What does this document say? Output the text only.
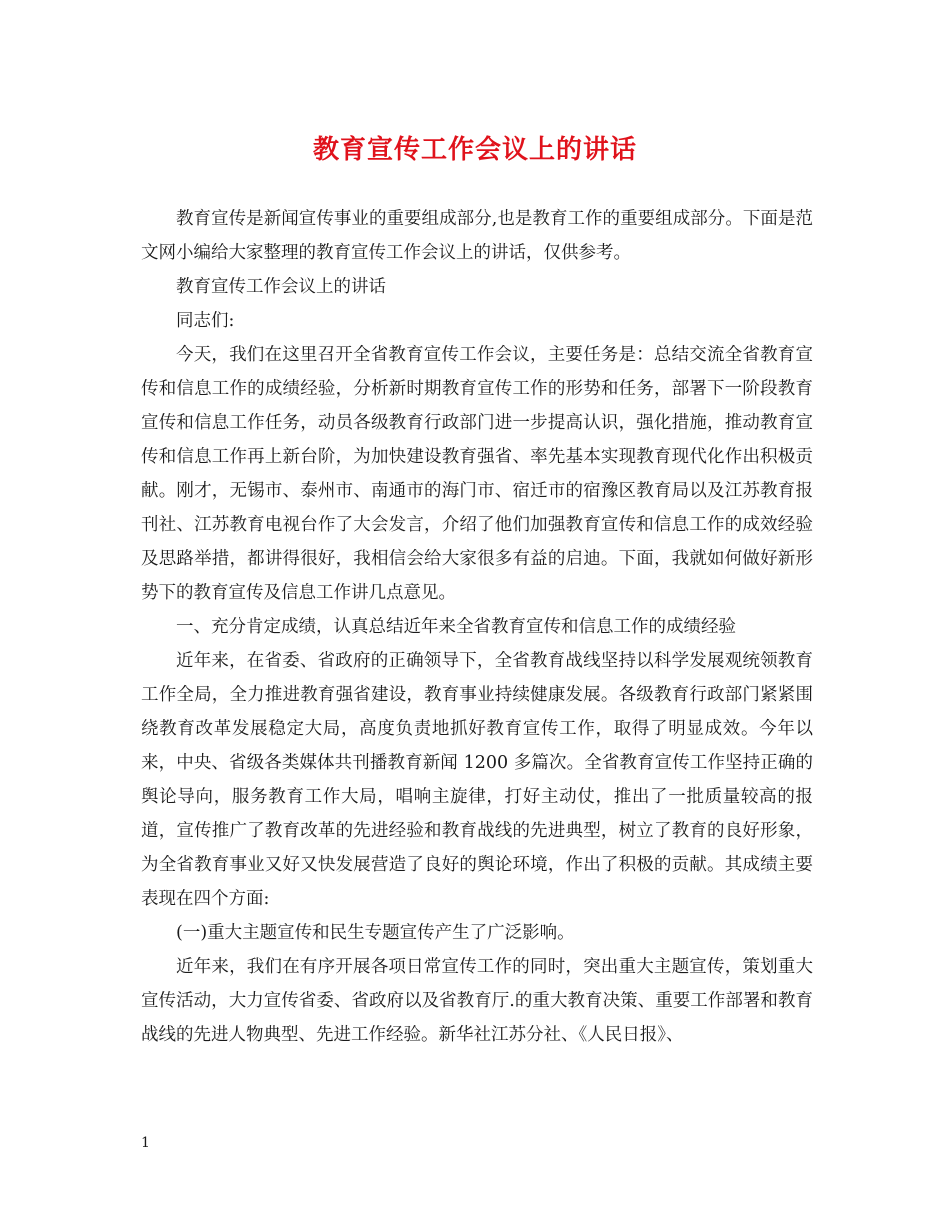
教育宣传工作会议上的讲话

教育宣传是新闻宣传事业的重要组成部分,也是教育工作的重要组成部分。下面是范文网小编给大家整理的教育宣传工作会议上的讲话，仅供参考。

教育宣传工作会议上的讲话

同志们:

今天，我们在这里召开全省教育宣传工作会议，主要任务是：总结交流全省教育宣传和信息工作的成绩经验，分析新时期教育宣传工作的形势和任务，部署下一阶段教育宣传和信息工作任务，动员各级教育行政部门进一步提高认识，强化措施，推动教育宣传和信息工作再上新台阶，为加快建设教育强省、率先基本实现教育现代化作出积极贡献。刚才，无锡市、泰州市、南通市的海门市、宿迁市的宿豫区教育局以及江苏教育报刊社、江苏教育电视台作了大会发言，介绍了他们加强教育宣传和信息工作的成效经验及思路举措，都讲得很好，我相信会给大家很多有益的启迪。下面，我就如何做好新形势下的教育宣传及信息工作讲几点意见。

一、充分肯定成绩，认真总结近年来全省教育宣传和信息工作的成绩经验

近年来，在省委、省政府的正确领导下，全省教育战线坚持以科学发展观统领教育工作全局，全力推进教育强省建设，教育事业持续健康发展。各级教育行政部门紧紧围绕教育改革发展稳定大局，高度负责地抓好教育宣传工作，取得了明显成效。今年以来，中央、省级各类媒体共刊播教育新闻 1200 多篇次。全省教育宣传工作坚持正确的舆论导向，服务教育工作大局，唱响主旋律，打好主动仗，推出了一批质量较高的报道，宣传推广了教育改革的先进经验和教育战线的先进典型，树立了教育的良好形象，为全省教育事业又好又快发展营造了良好的舆论环境，作出了积极的贡献。其成绩主要表现在四个方面:

(一)重大主题宣传和民生专题宣传产生了广泛影响。

近年来，我们在有序开展各项日常宣传工作的同时，突出重大主题宣传，策划重大宣传活动，大力宣传省委、省政府以及省教育厅.的重大教育决策、重要工作部署和教育战线的先进人物典型、先进工作经验。新华社江苏分社、《人民日报》、

1
